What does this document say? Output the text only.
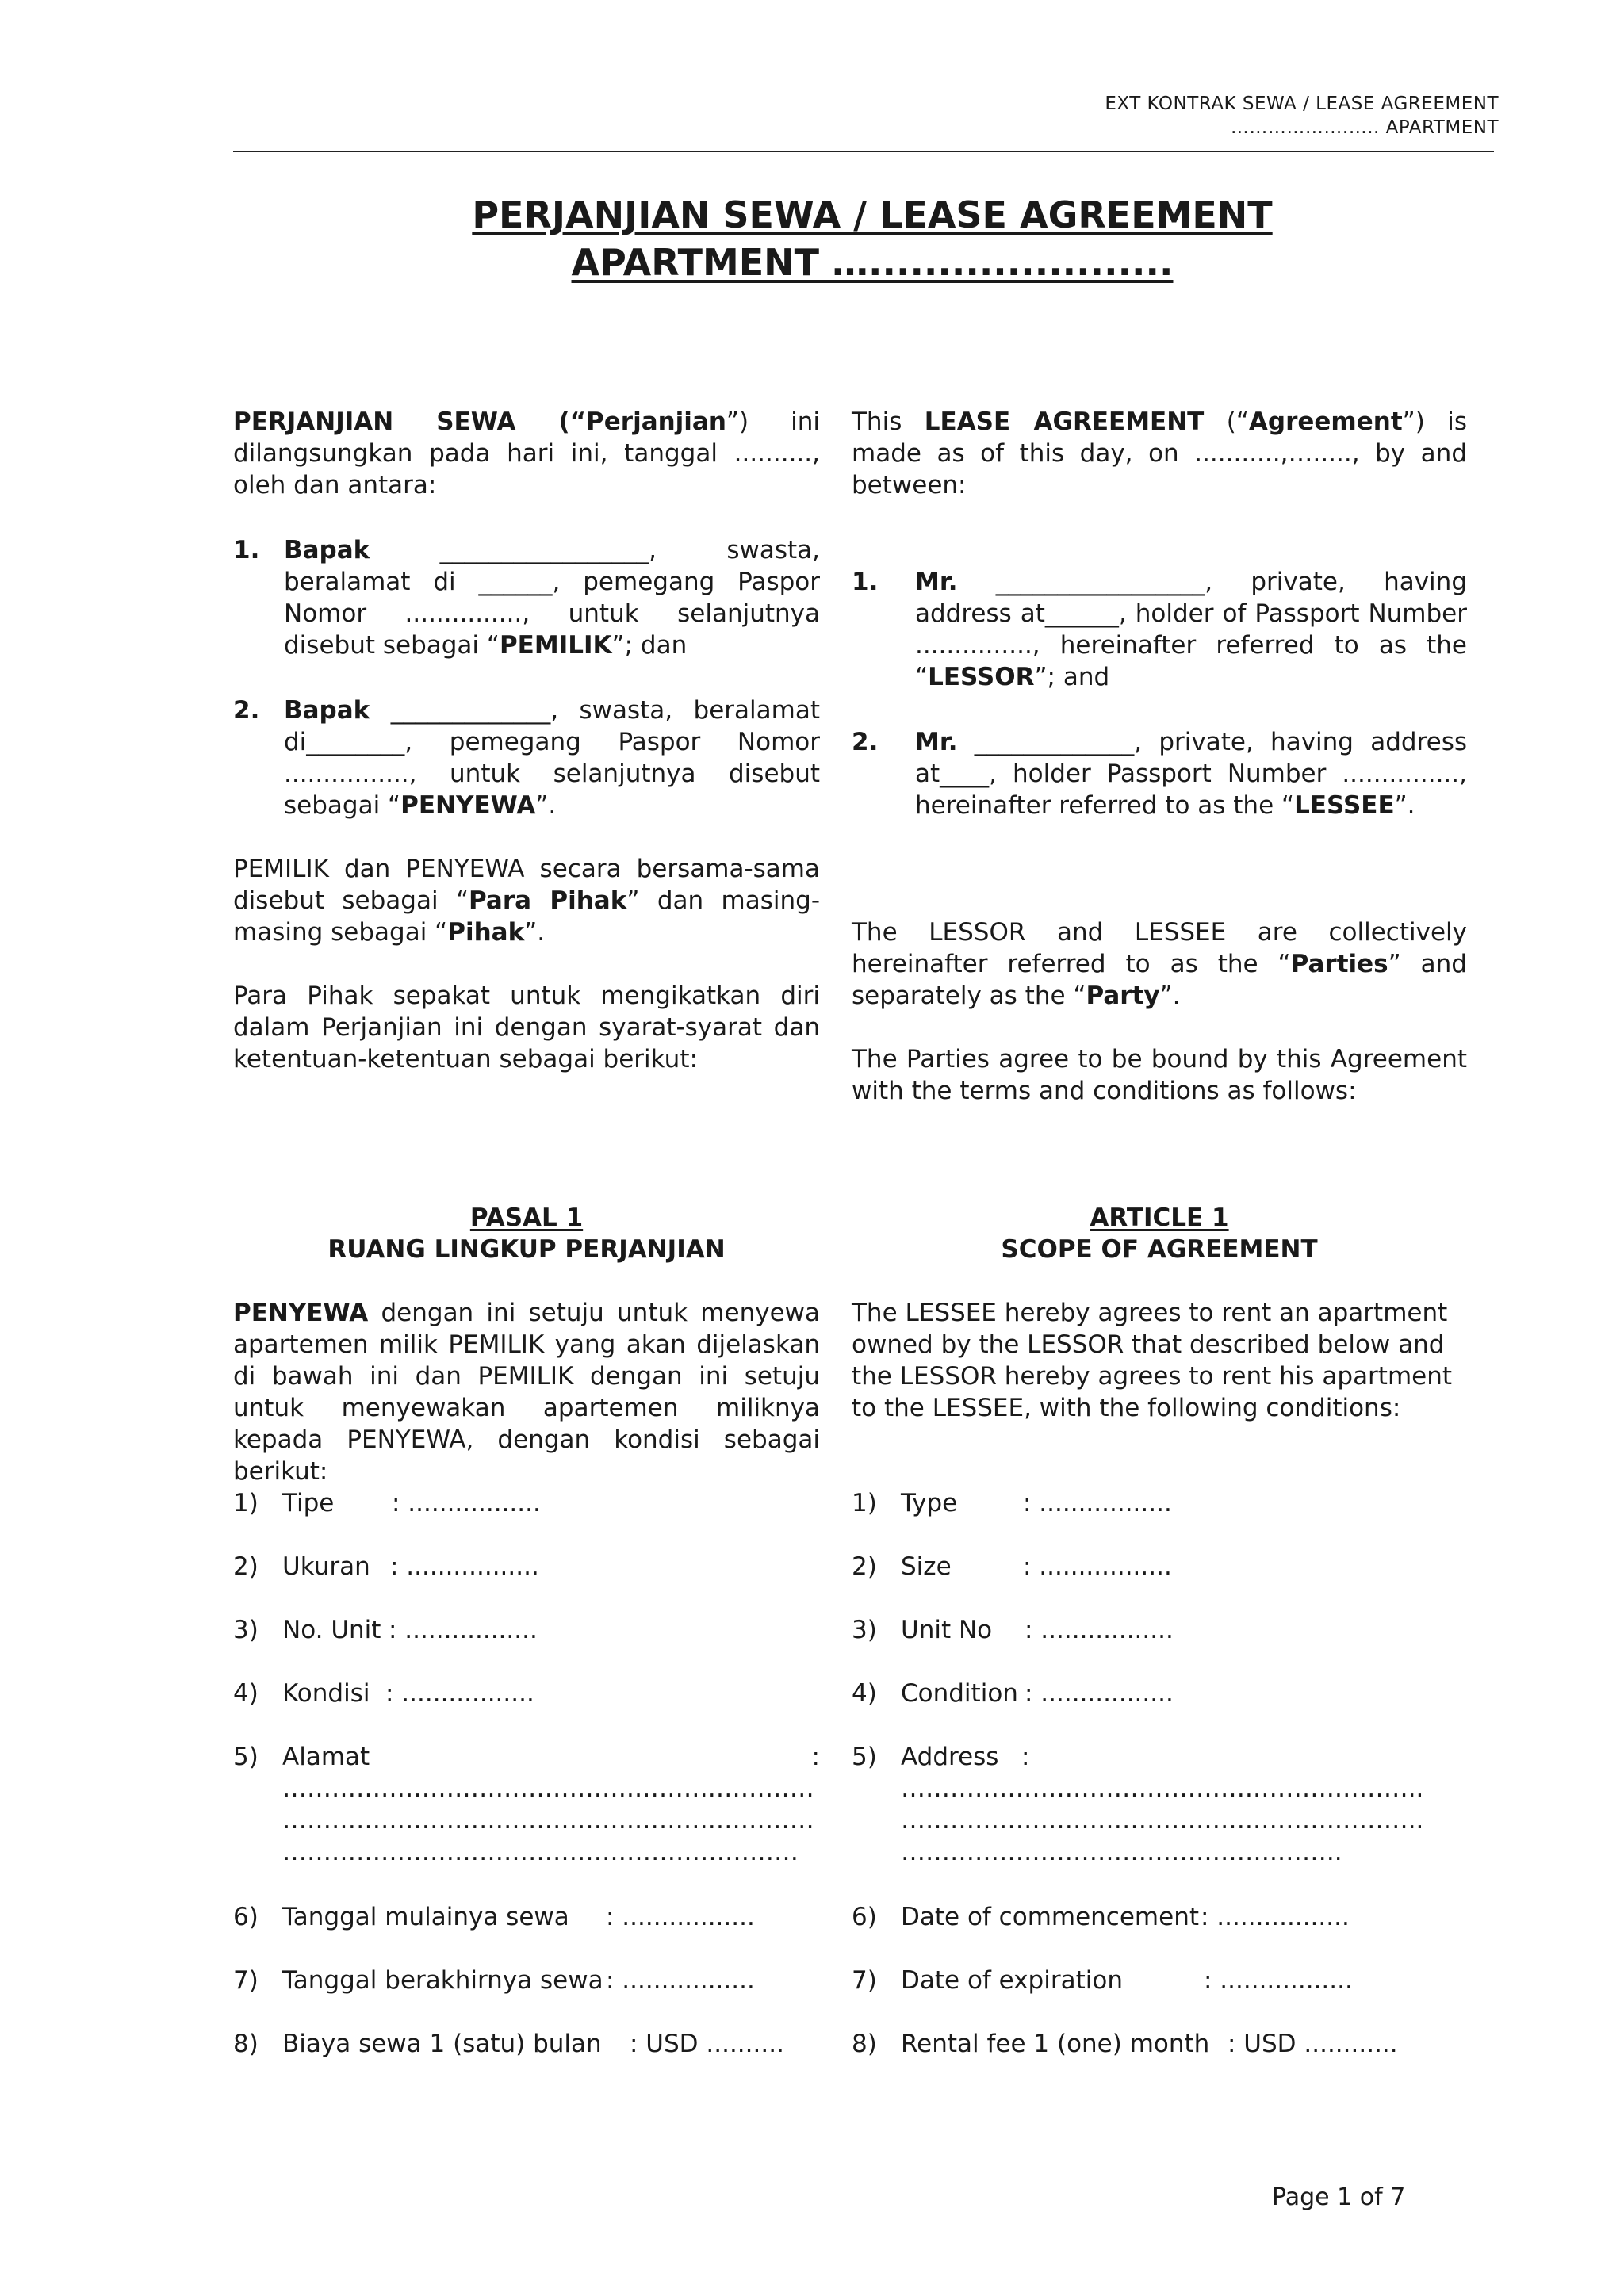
EXT KONTRAK SEWA / LEASE AGREEMENT
……………….….. APARTMENT
PERJANJIAN SEWA / LEASE AGREEMENT
APARTMENT …......................
PERJANJIAN SEWA (“Perjanjian”) ini dilangsungkan pada hari ini, tanggal .........., oleh dan antara:
1. Bapak	_________________, swasta, beralamat di ______, pemegang Paspor Nomor ..............., untuk selanjutnya disebut sebagai “PEMILIK”; dan
2. Bapak _____________, swasta, beralamat di________, pemegang Paspor Nomor ................, untuk selanjutnya disebut sebagai “PENYEWA”.
PEMILIK dan PENYEWA secara bersama-sama disebut sebagai “Para Pihak” dan masing-masing sebagai “Pihak”.
Para Pihak sepakat untuk mengikatkan diri dalam Perjanjian ini dengan syarat-syarat dan ketentuan-ketentuan sebagai berikut:
PASAL 1
RUANG LINGKUP PERJANJIAN
PENYEWA dengan ini setuju untuk menyewa apartemen milik PEMILIK yang akan dijelaskan di bawah ini dan PEMILIK dengan ini setuju untuk menyewakan apartemen miliknya kepada PENYEWA, dengan kondisi sebagai berikut:
1) Tipe : .................
2) Ukuran : .................
3) No. Unit : .................
4) Kondisi : .................
5) Alamat	:
…………………………………….……….…………
…………………………………….……….…………
………………………………………………………
6) Tanggal mulainya sewa : .................
7) Tanggal berakhirnya sewa : .................
8) Biaya sewa 1 (satu) bulan : USD ..........
This LEASE AGREEMENT (“Agreement”) is made as of this day, on ...........,…....., by and between:
1. Mr. _________________, private, having address at______, holder of Passport Number ..............., hereinafter referred to as the “LESSOR”; and
2. Mr. _____________, private, having address at____, holder Passport Number ..............., hereinafter referred to as the “LESSEE”.
The LESSOR and LESSEE are collectively hereinafter referred to as the “Parties” and separately as the “Party”.
The Parties agree to be bound by this Agreement with the terms and conditions as follows:
ARTICLE 1
SCOPE OF AGREEMENT
The LESSEE hereby agrees to rent an apartment owned by the LESSOR that described below and the LESSOR hereby agrees to rent his apartment to the LESSEE, with the following conditions:
1) Type	: .................
2) Size	: .................
3) Unit No : .................
4) Condition : .................
5) Address :
…………………………………….……….………..
…………………………………….……….………..
……………………………………….……..
6) Date of commencement : .................
7) Date of expiration	: .................
8) Rental fee 1 (one) month : USD ............
Page 1 of 7
